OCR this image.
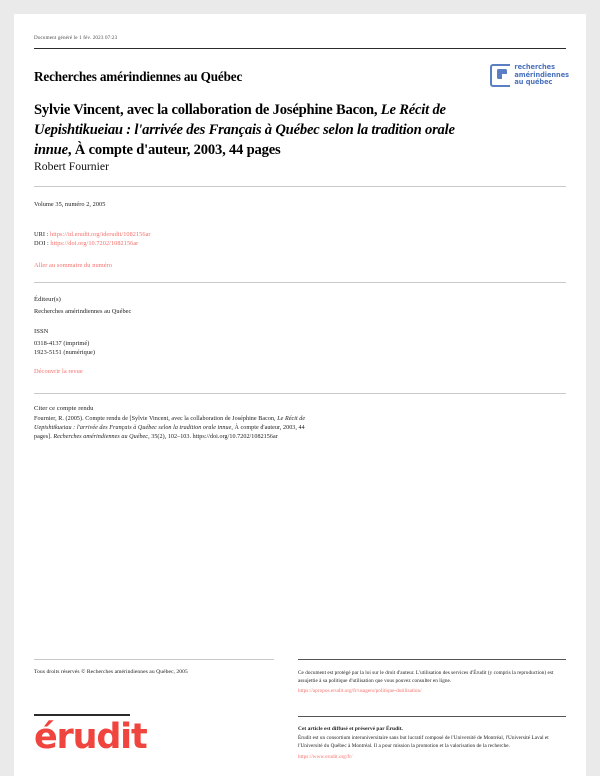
Document généré le 1 fév. 2023 07:23
Recherches amérindiennes au Québec
recherches
amérindiennes
au québec
Sylvie Vincent, avec la collaboration de Joséphine Bacon, Le Récit de Uepishtikueiau : l'arrivée des Français à Québec selon la tradition orale innue, À compte d'auteur, 2003, 44 pages
Robert Fournier
Volume 35, numéro 2, 2005
URI : https://id.erudit.org/iderudit/1082156ar
DOI : https://doi.org/10.7202/1082156ar
Aller au sommaire du numéro
Éditeur(s)
Recherches amérindiennes au Québec
ISSN
0318-4137 (imprimé)
1923-5151 (numérique)
Découvrir la revue
Citer ce compte rendu
Fournier, R. (2005). Compte rendu de [Sylvie Vincent, avec la collaboration de Joséphine Bacon, Le Récit de Uepishtikueiau : l'arrivée des Français à Québec selon la tradition orale innue, À compte d'auteur, 2003, 44 pages]. Recherches amérindiennes au Québec, 35(2), 102–103. https://doi.org/10.7202/1082156ar
Tous droits réservés © Recherches amérindiennes au Québec, 2005	Ce document est protégé par la loi sur le droit d'auteur. L'utilisation des services d'Érudit (y compris la reproduction) est assujettie à sa politique d'utilisation que vous pouvez consulter en ligne.
https://apropos.erudit.org/fr/usagers/politique-dutilisation/
érudit	Cet article est diffusé et préservé par Érudit.
Érudit est un consortium interuniversitaire sans but lucratif composé de l'Université de Montréal, l'Université Laval et l'Université du Québec à Montréal. Il a pour mission la promotion et la valorisation de la recherche.
https://www.erudit.org/fr/
